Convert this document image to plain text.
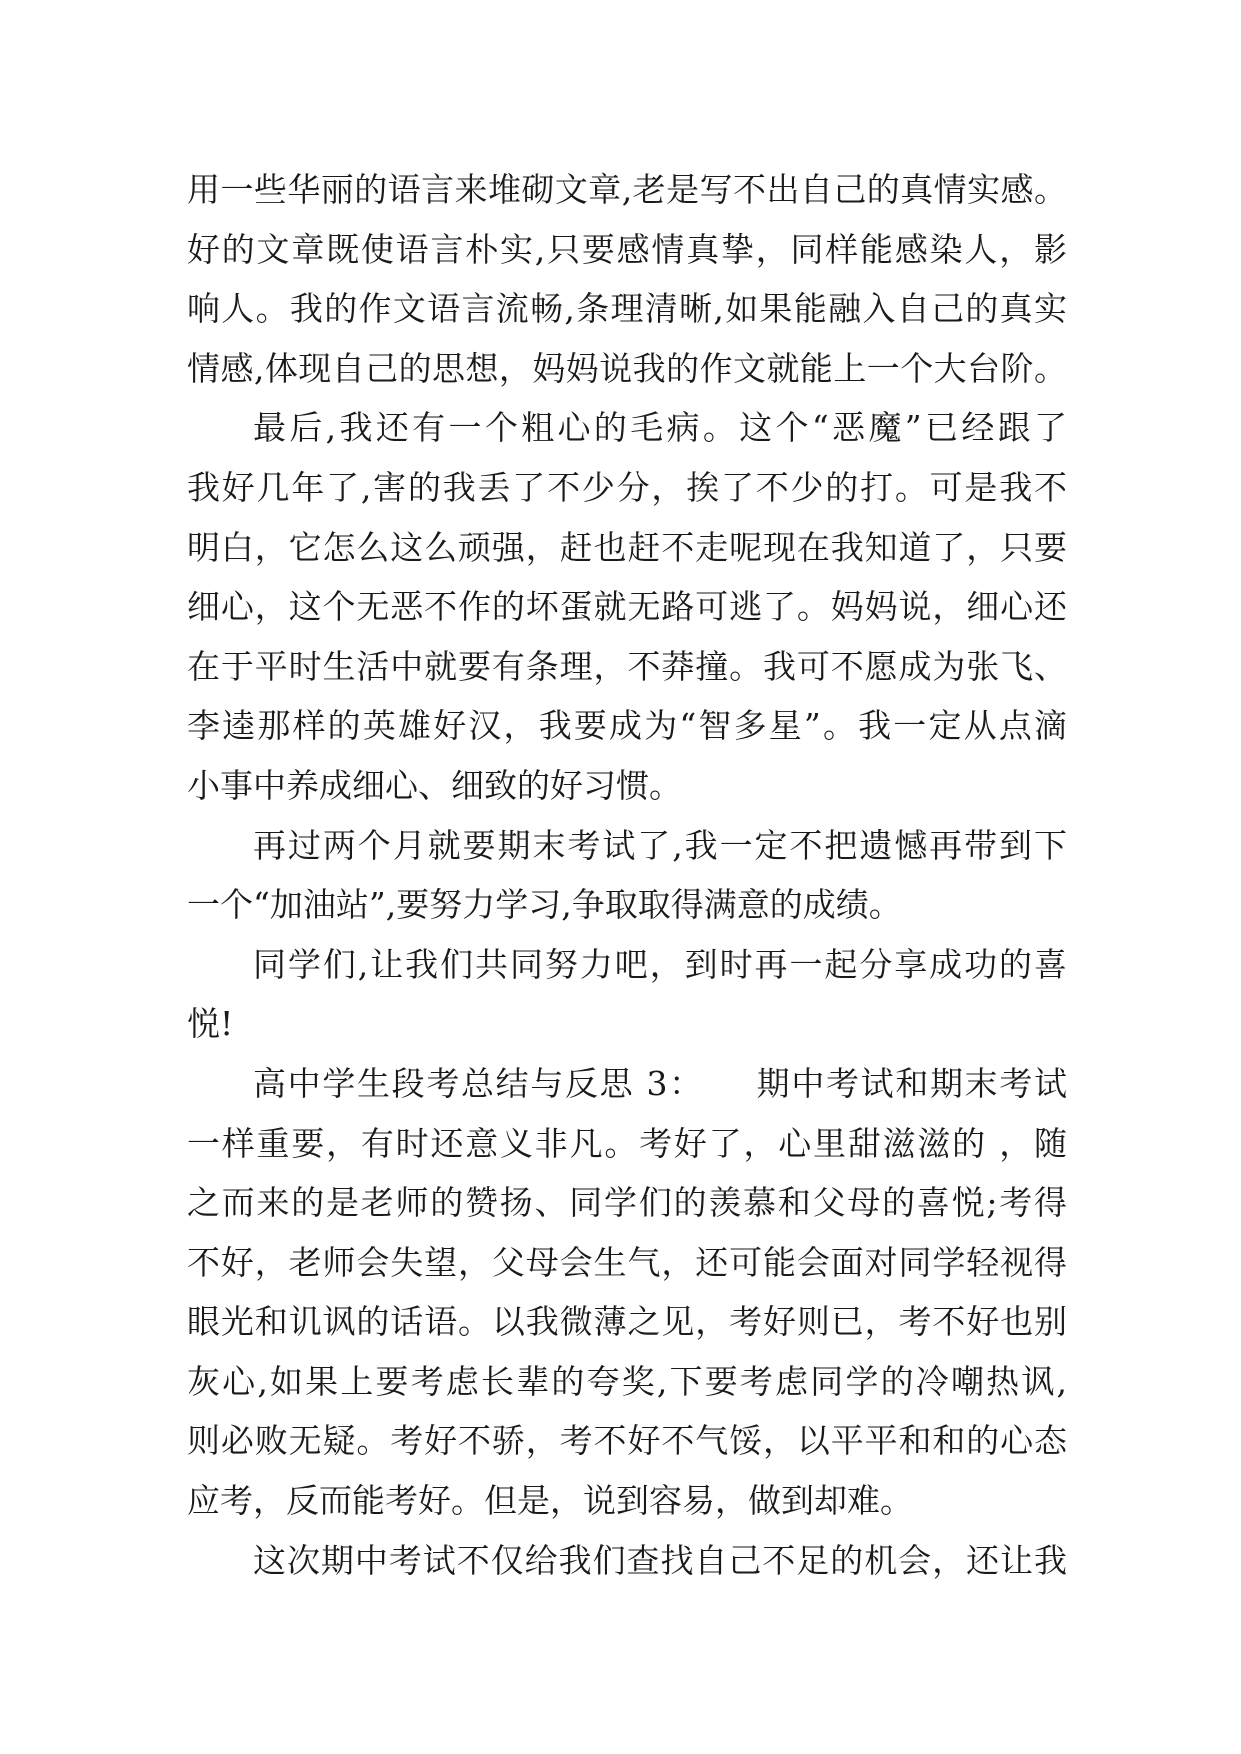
用一些华丽的语言来堆砌文章,老是写不出自己的真情实感。
好的文章既使语言朴实,只要感情真挚，同样能感染人，影
响人。我的作文语言流畅,条理清晰,如果能融入自己的真实
情感,体现自己的思想，妈妈说我的作文就能上一个大台阶。
最后,我还有一个粗心的毛病。这个“恶魔”已经跟了
我好几年了,害的我丢了不少分，挨了不少的打。可是我不
明白，它怎么这么顽强，赶也赶不走呢现在我知道了，只要
细心，这个无恶不作的坏蛋就无路可逃了。妈妈说，细心还
在于平时生活中就要有条理，不莽撞。我可不愿成为张飞、
李逵那样的英雄好汉，我要成为“智多星”。我一定从点滴
小事中养成细心、细致的好习惯。
再过两个月就要期末考试了,我一定不把遗憾再带到下
一个“加油站”,要努力学习,争取取得满意的成绩。
同学们,让我们共同努力吧，到时再一起分享成功的喜
悦!
高中学生段考总结与反思 3：　　期中考试和期末考试
一样重要，有时还意义非凡。考好了，心里甜滋滋的 ，随
之而来的是老师的赞扬、同学们的羡慕和父母的喜悦;考得
不好，老师会失望，父母会生气，还可能会面对同学轻视得
眼光和讥讽的话语。以我微薄之见，考好则已，考不好也别
灰心,如果上要考虑长辈的夸奖,下要考虑同学的冷嘲热讽,
则必败无疑。考好不骄，考不好不气馁，以平平和和的心态
应考，反而能考好。但是，说到容易，做到却难。
这次期中考试不仅给我们查找自己不足的机会，还让我
